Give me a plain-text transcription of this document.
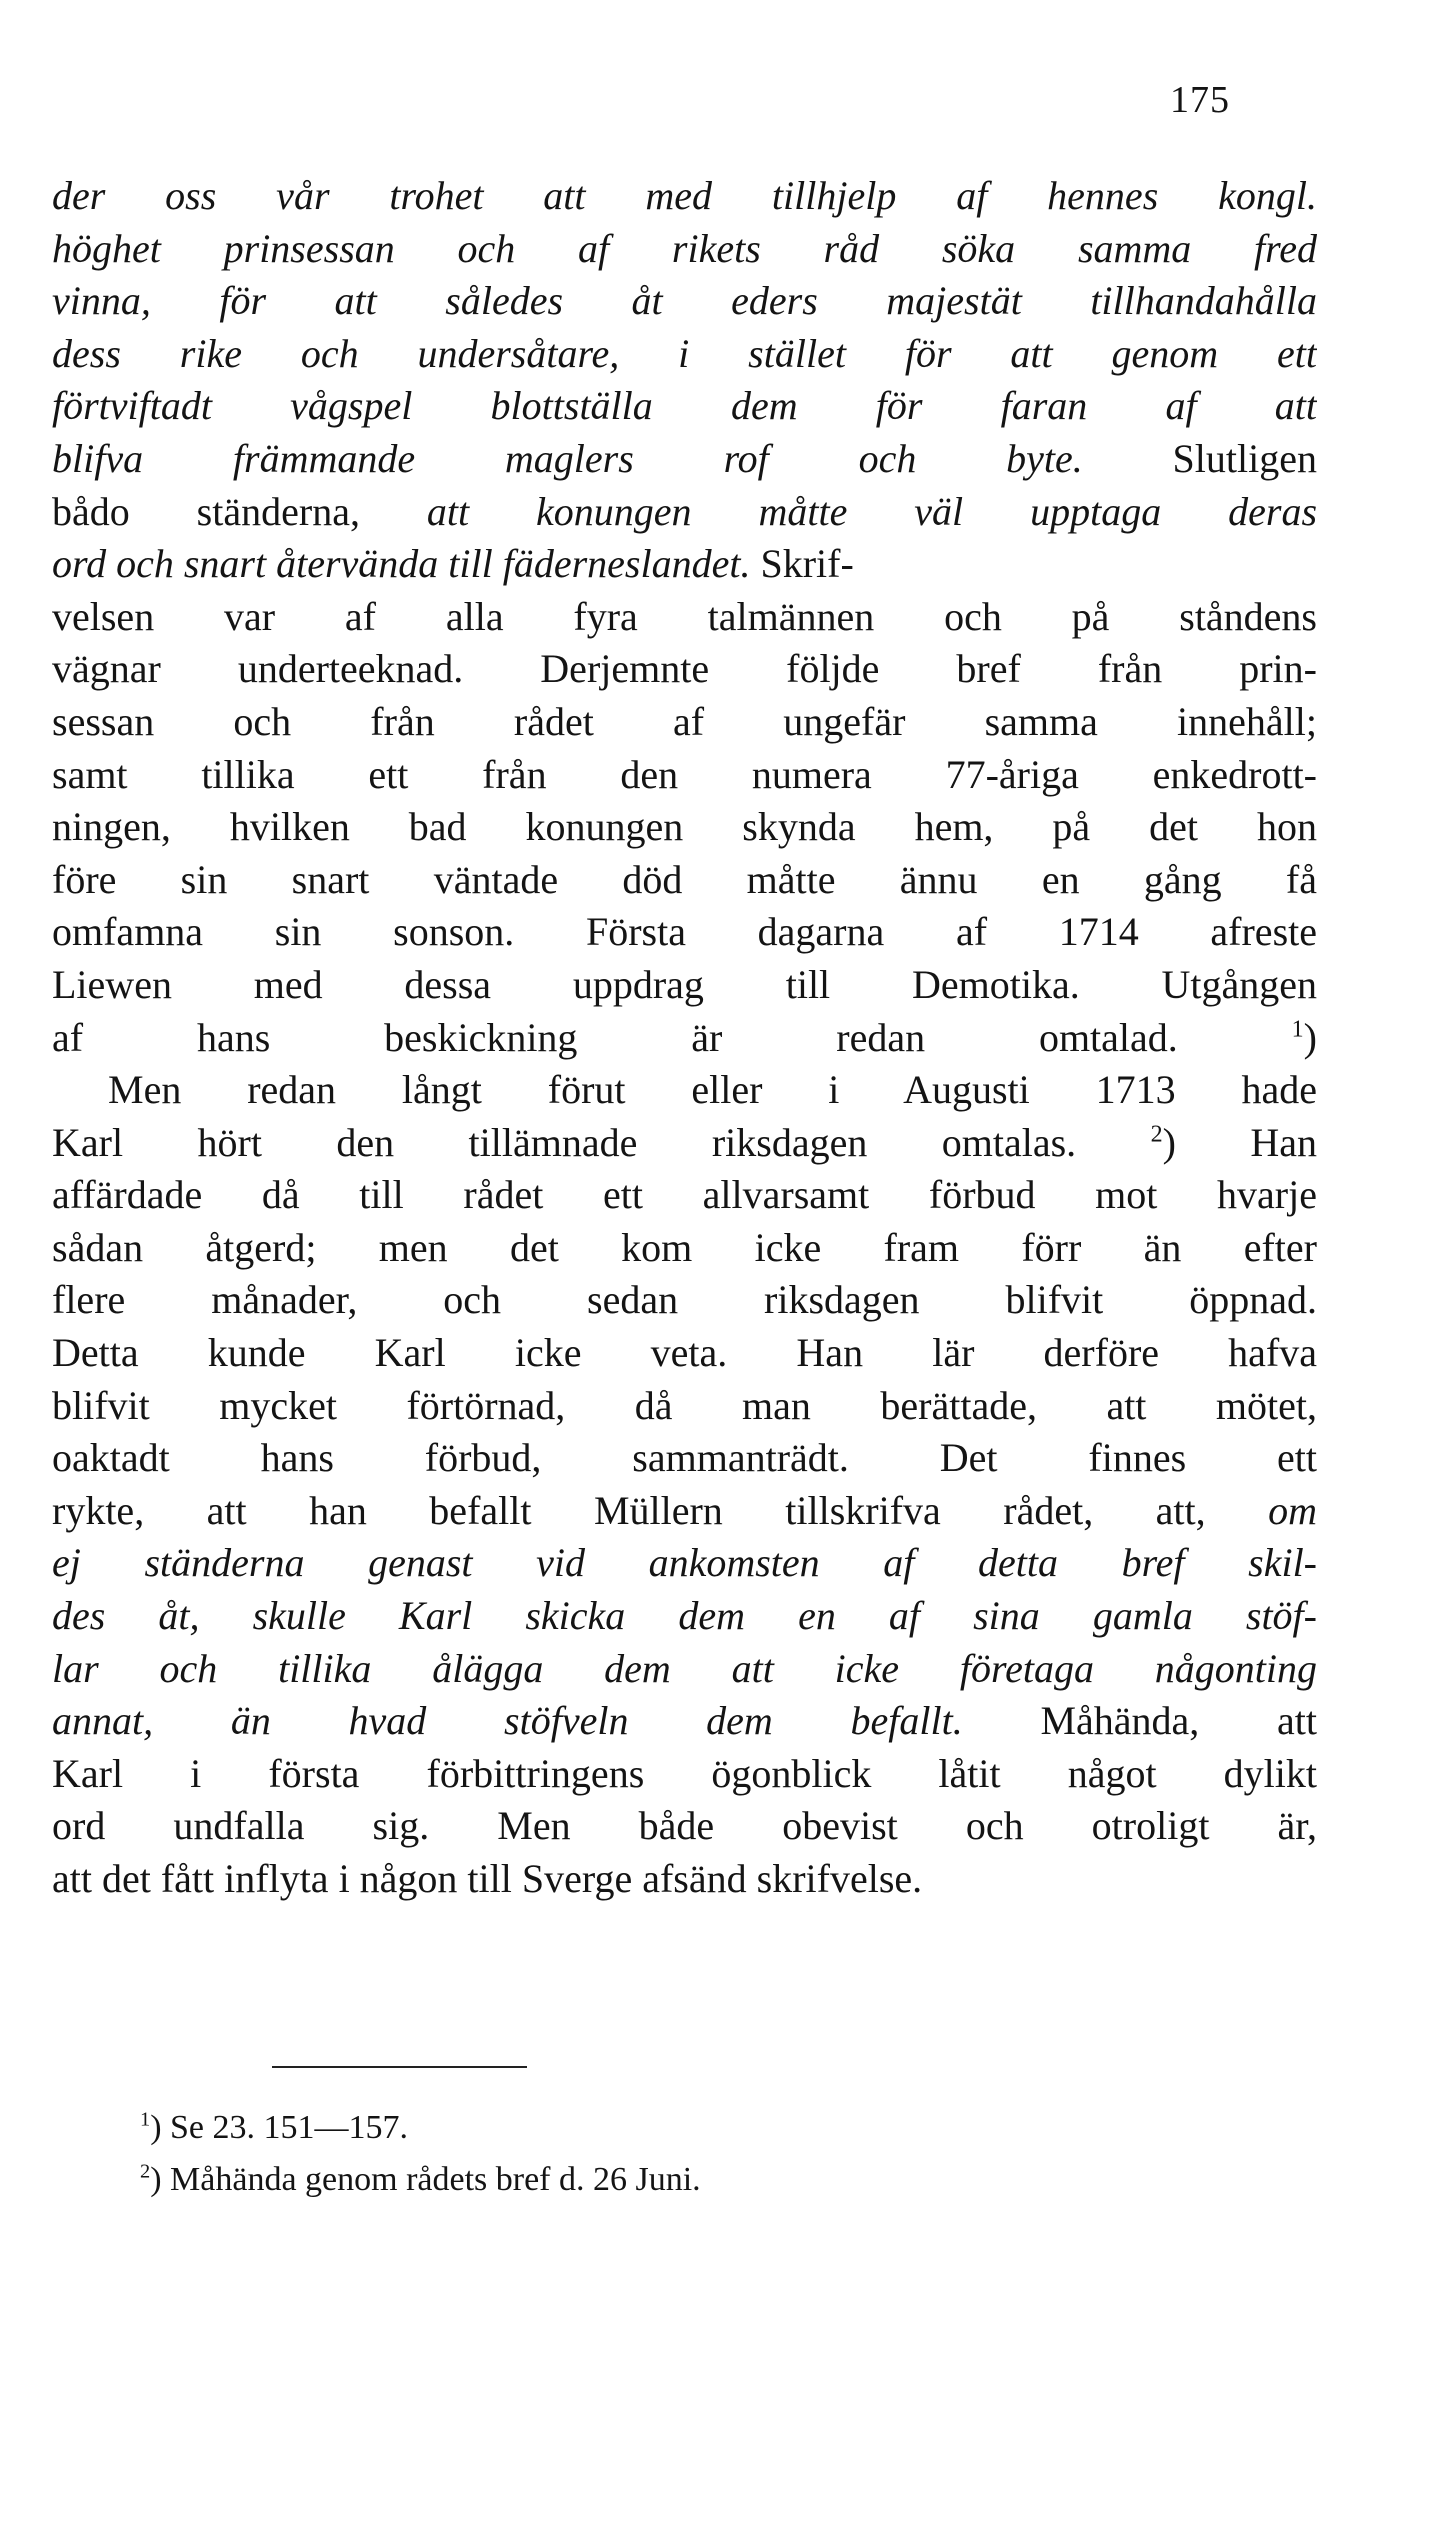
175
der oss vår trohet att med tillhjelp af hennes kongl.
höghet prinsessan och af rikets råd söka samma fred
vinna, för att således åt eders majestät tillhandahålla
dess rike och undersåtare, i stället för att genom ett
förtviftadt vågspel blottställa dem för faran af att
blifva främmande maglers rof och byte. Slutligen
bådo ständerna, att konungen måtte väl upptaga deras
ord och snart återvända till fäderneslandet. Skrif-
velsen var af alla fyra talmännen och på ståndens
vägnar underteeknad. Derjemnte följde bref från prin-
sessan och från rådet af ungefär samma innehåll;
samt tillika ett från den numera 77-åriga enkedrott-
ningen, hvilken bad konungen skynda hem, på det hon
före sin snart väntade död måtte ännu en gång få
omfamna sin sonson. Första dagarna af 1714 afreste
Liewen med dessa uppdrag till Demotika. Utgången
af hans beskickning är redan omtalad. $^1$)
Men redan långt förut eller i Augusti 1713 hade
Karl hört den tillämnade riksdagen omtalas. $^2$) Han
affärdade då till rådet ett allvarsamt förbud mot hvarje
sådan åtgerd; men det kom icke fram förr än efter
flere månader, och sedan riksdagen blifvit öppnad.
Detta kunde Karl icke veta. Han lär derföre hafva
blifvit mycket förtörnad, då man berättade, att mötet,
oaktadt hans förbud, sammanträdt. Det finnes ett
rykte, att han befallt Müllern tillskrifva rådet, att, om
ej ständerna genast vid ankomsten af detta bref skil-
des åt, skulle Karl skicka dem en af sina gamla stöf-
lar och tillika ålägga dem att icke företaga någonting
annat, än hvad stöfveln dem befallt. Måhända, att
Karl i första förbittringens ögonblick låtit något dylikt
ord undfalla sig. Men både obevist och otroligt är,
att det fått inflyta i någon till Sverge afsänd skrifvelse.
$^1$) Se 23. 151—157.
$^2$) Måhända genom rådets bref d. 26 Juni.
